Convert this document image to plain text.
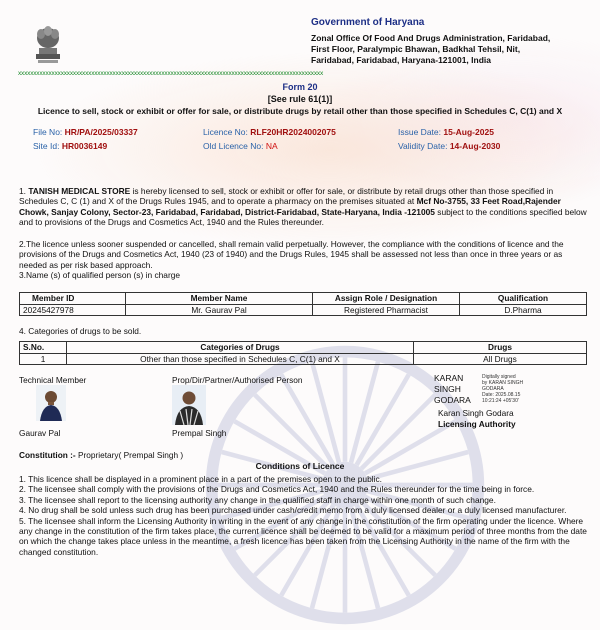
Government of Haryana
Zonal Office Of Food And Drugs Administration, Faridabad,
First Floor, Paralympic Bhawan, Badkhal Tehsil, Nit,
Faridabad, Faridabad, Haryana-121001, India
xxxxxxxxxxxxxxxxxxxxxxxxxxxxxxxxxxxxxxxxxxxxxxxxxxxxxxxxxxxxxxxxxxxxxxxxxxxxxxxxxxxxxxxxxxxxxxxxxxxx
Form 20
[See rule 61(1)]
Licence to sell, stock or exhibit or offer for sale, or distribute drugs by retail other than those specified in Schedules C, C(1) and X
File No: HR/PA/2025/03337
Site Id: HR0036149
Licence No: RLF20HR2024002075
Old Licence No: NA
Issue Date: 15-Aug-2025
Validity Date: 14-Aug-2030
1. TANISH MEDICAL STORE is hereby licensed to sell, stock or exhibit or offer for sale, or distribute by retail drugs other than those specified in Schedules C, C (1) and X of the Drugs Rules 1945, and to operate a pharmacy on the premises situated at Mcf No-3755, 33 Feet Road,Rajender Chowk, Sanjay Colony, Sector-23, Faridabad, Faridabad, District-Faridabad, State-Haryana, India -121005 subject to the conditions specified below and to provisions of the Drugs and Cosmetics Act, 1940 and the Rules thereunder.
2.The licence unless sooner suspended or cancelled, shall remain valid perpetually. However, the compliance with the conditions of licence and the provisions of the Drugs and Cosmetics Act, 1940 (23 of 1940) and the Drugs Rules, 1945 shall be assessed not less than once in three years or as needed as per risk based approach.
3.Name (s) of qualified person (s) in charge
Member ID	Member Name	Assign Role / Designation	Qualification
20245427978	Mr. Gaurav Pal	Registered Pharmacist	D.Pharma
4. Categories of drugs to be sold.
S.No.	Categories of Drugs	Drugs
1	Other than those specified in Schedules C, C(1) and X	All Drugs
Technical Member
Gaurav Pal
Prop/Dir/Partner/Authorised Person
Prempal Singh
KARAN
SINGH
GODARA
Digitally signed
by KARAN SINGH
GODARA
Date: 2025.08.15
10:21:24 +05'30'
Karan Singh Godara
Licensing Authority
Constitution :- Proprietary( Prempal Singh )
Conditions of Licence
1. This licence shall be displayed in a prominent place in a part of the premises open to the public.
2. The licensee shall comply with the provisions of the Drugs and Cosmetics Act, 1940 and the Rules thereunder for the time being in force.
3. The licensee shall report to the licensing authority any change in the qualified staff in charge within one month of such change.
4. No drug shall be sold unless such drug has been purchased under cash/credit memo from a duly licensed dealer or a duly licensed manufacturer.
5. The licensee shall inform the Licensing Authority in writing in the event of any change in the constitution of the firm operating under the licence. Where any change in the constitution of the firm takes place, the current licence shall be deemed to be valid for a maximum period of three months from the date on which the change takes place unless in the meantime, a fresh licence has been taken from the Licensing Authority in the name of the firm with the changed constitution.
